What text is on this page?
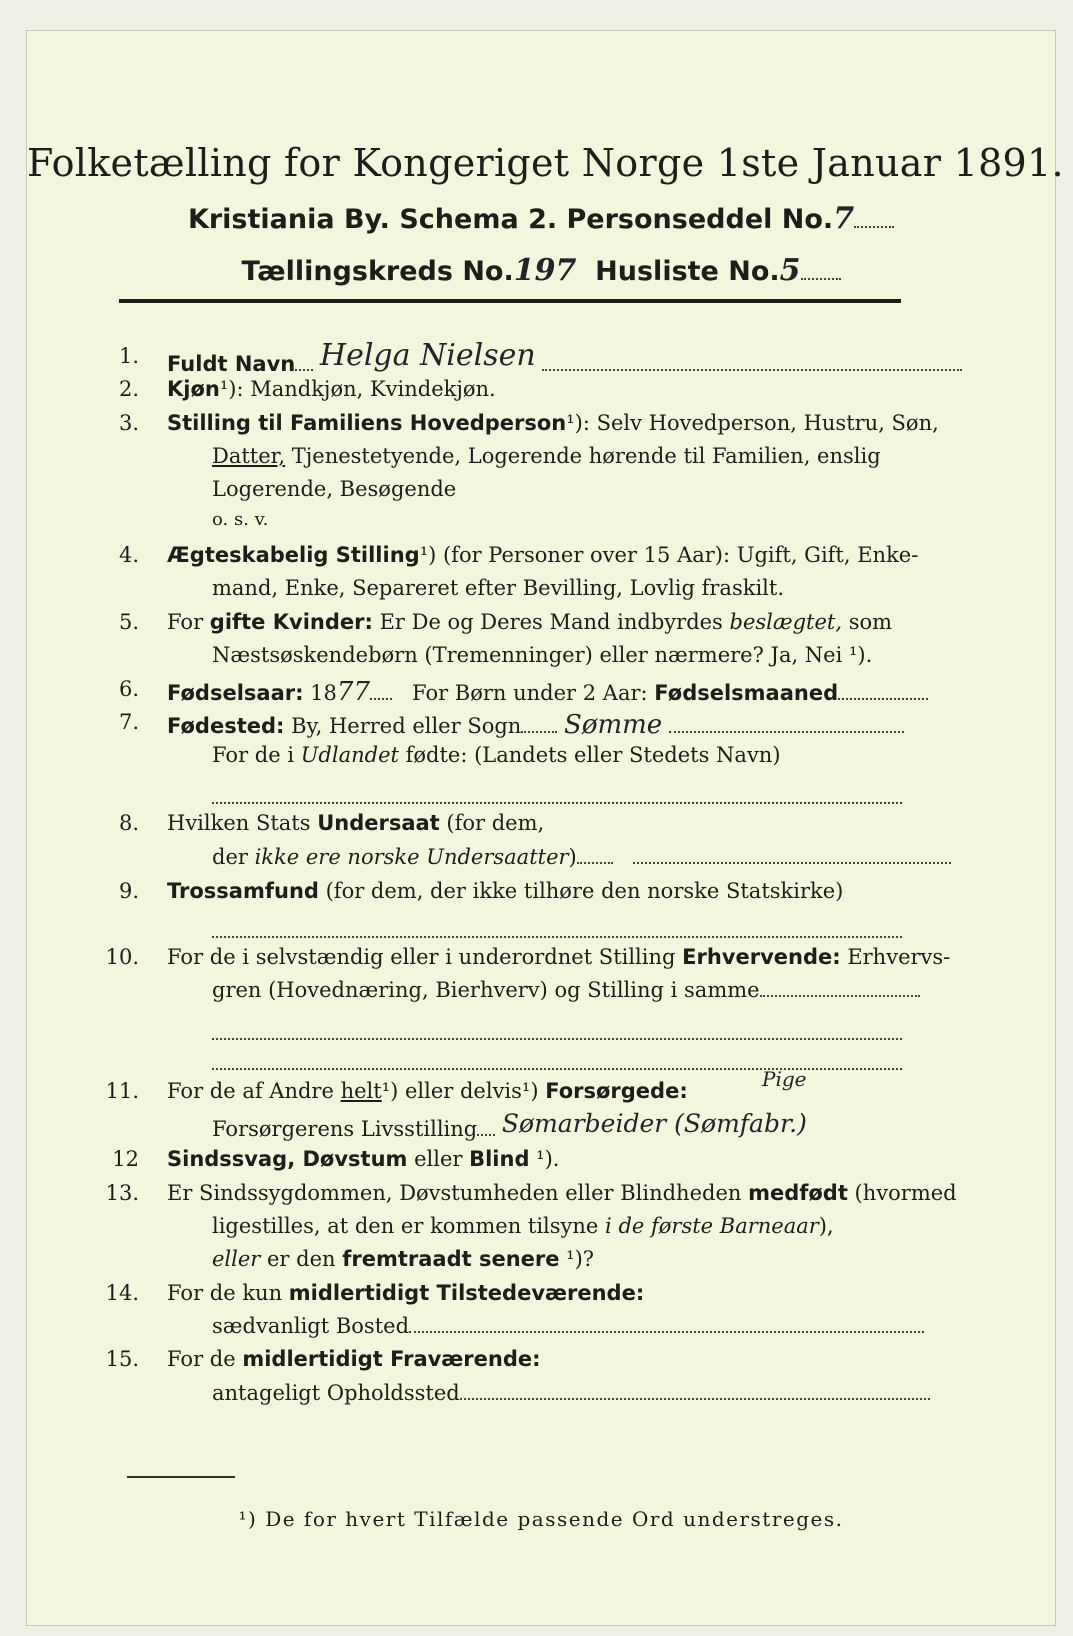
Folketælling for Kongeriget Norge 1ste Januar 1891.
Kristiania By. Schema 2. Personseddel No.7
Tællingskreds No.197 Husliste No.5
1. Fuldt Navn Helga Nielsen
2. Kjøn¹): Mandkjøn, Kvindekjøn.
3. Stilling til Familiens Hovedperson¹): Selv Hovedperson, Hustru, Søn,
Datter, Tjenestetyende, Logerende hørende til Familien, enslig
Logerende, Besøgende
o. s. v.
4. Ægteskabelig Stilling¹) (for Personer over 15 Aar): Ugift, Gift, Enke-
mand, Enke, Separeret efter Bevilling, Lovlig fraskilt.
5. For gifte Kvinder: Er De og Deres Mand indbyrdes beslægtet, som
Næstsøskendebørn (Tremenninger) eller nærmere? Ja, Nei ¹).
6. Fødselsaar: 1877 For Børn under 2 Aar: Fødselsmaaned
7. Fødested: By, Herred eller Sogn Sømme
For de i Udlandet fødte: (Landets eller Stedets Navn)
8. Hvilken Stats Undersaat (for dem,
der ikke ere norske Undersaatter)
9. Trossamfund (for dem, der ikke tilhøre den norske Statskirke)
10. For de i selvstændig eller i underordnet Stilling Erhvervende: Erhvervs-
gren (Hovednæring, Bierhverv) og Stilling i samme
11. For de af Andre helt¹) eller delvis¹) Forsørgede:	Pige
Forsørgerens Livsstilling Sømarbeider (Sømfabr.)
12 Sindssvag, Døvstum eller Blind ¹).
13. Er Sindssygdommen, Døvstumheden eller Blindheden medfødt (hvormed
ligestilles, at den er kommen tilsyne i de første Barneaar),
eller er den fremtraadt senere ¹)?
14. For de kun midlertidigt Tilstedeværende:
sædvanligt Bosted
15. For de midlertidigt Fraværende:
antageligt Opholdssted
¹) De for hvert Tilfælde passende Ord understreges.
